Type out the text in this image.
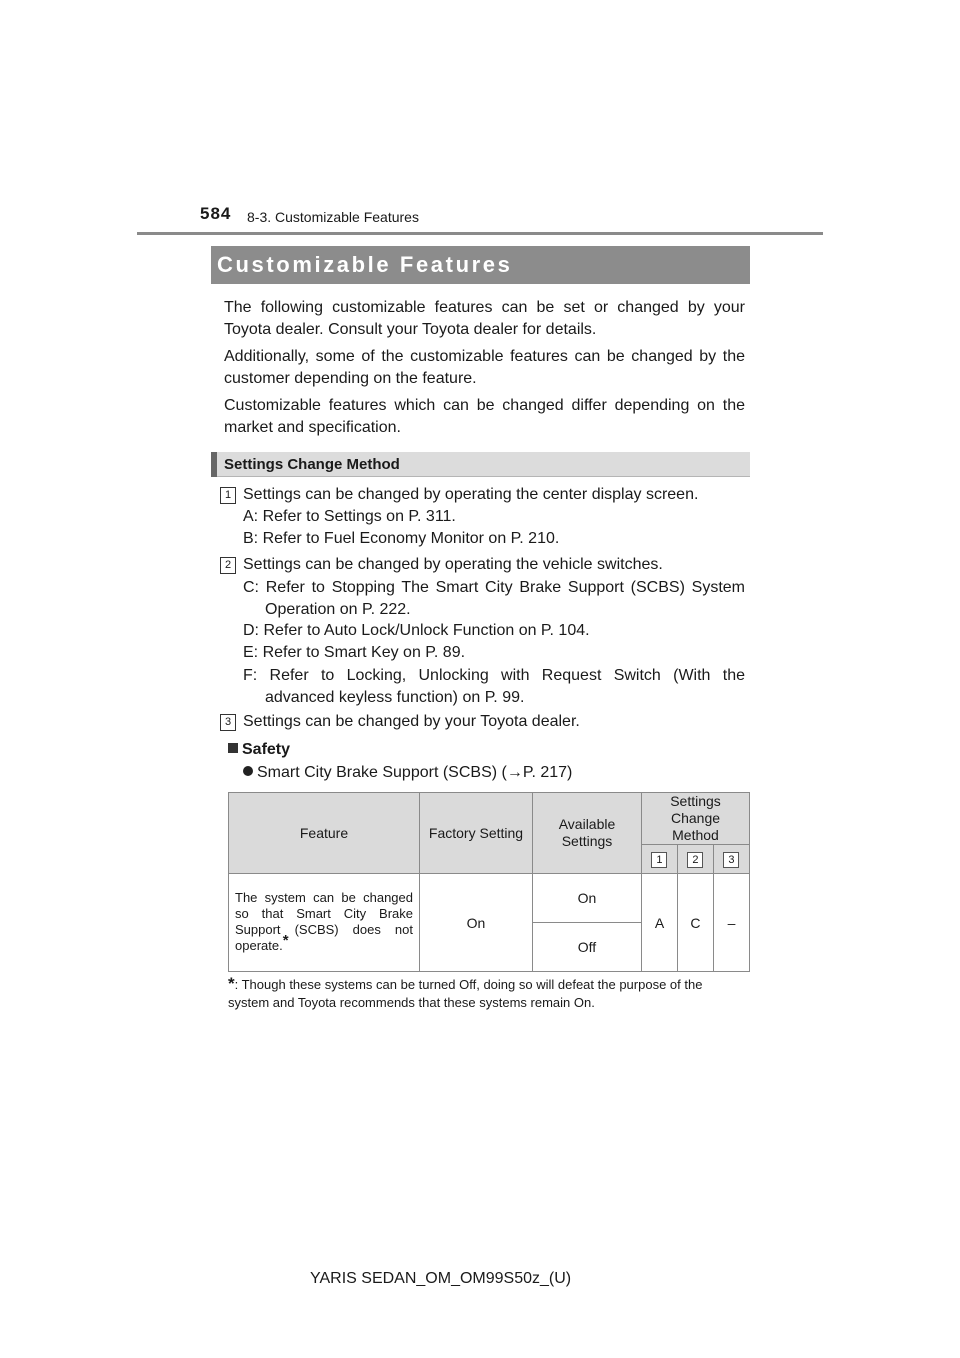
584 8-3. Customizable Features
Customizable Features
The following customizable features can be set or changed by your Toyota dealer. Consult your Toyota dealer for details.
Additionally, some of the customizable features can be changed by the customer depending on the feature.
Customizable features which can be changed differ depending on the market and specification.
Settings Change Method
1 Settings can be changed by operating the center display screen.
A: Refer to Settings on P. 311.
B: Refer to Fuel Economy Monitor on P. 210.
2 Settings can be changed by operating the vehicle switches.
C: Refer to Stopping The Smart City Brake Support (SCBS) System Operation on P. 222.
D: Refer to Auto Lock/Unlock Function on P. 104.
E: Refer to Smart Key on P. 89.
F: Refer to Locking, Unlocking with Request Switch (With the advanced keyless function) on P. 99.
3 Settings can be changed by your Toyota dealer.
Safety
Smart City Brake Support (SCBS) (→P. 217)
Feature	Factory Setting	Available Settings	Settings Change Method		
			1	2	3
The system can be changed so that Smart City Brake Support (SCBS) does not operate.*	On	On	A	C	–
		Off			
*: Though these systems can be turned Off, doing so will defeat the purpose of the system and Toyota recommends that these systems remain On.
YARIS SEDAN_OM_OM99S50z_(U)
